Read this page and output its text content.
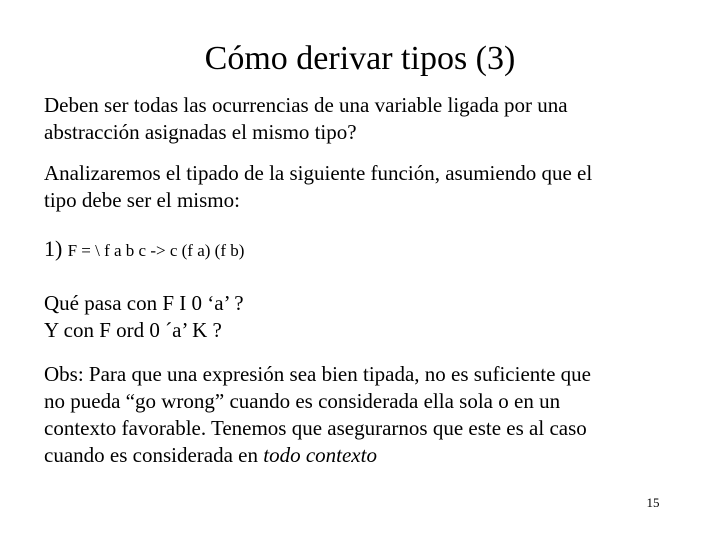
Cómo derivar tipos (3)
Deben ser todas las ocurrencias de una variable ligada por una
abstracción asignadas el mismo tipo?
Analizaremos el tipado de la siguiente función, asumiendo que el
tipo debe ser el mismo:
1) F = \ f a b c -> c (f a) (f b)
Qué pasa con F I 0 ‘a’ ?
Y con F ord 0 ´a’ K ?
Obs: Para que una expresión sea bien tipada, no es suficiente que
no pueda “go wrong” cuando es considerada ella sola o en un
contexto favorable. Tenemos que asegurarnos que este es al caso
cuando es considerada en todo contexto
15
